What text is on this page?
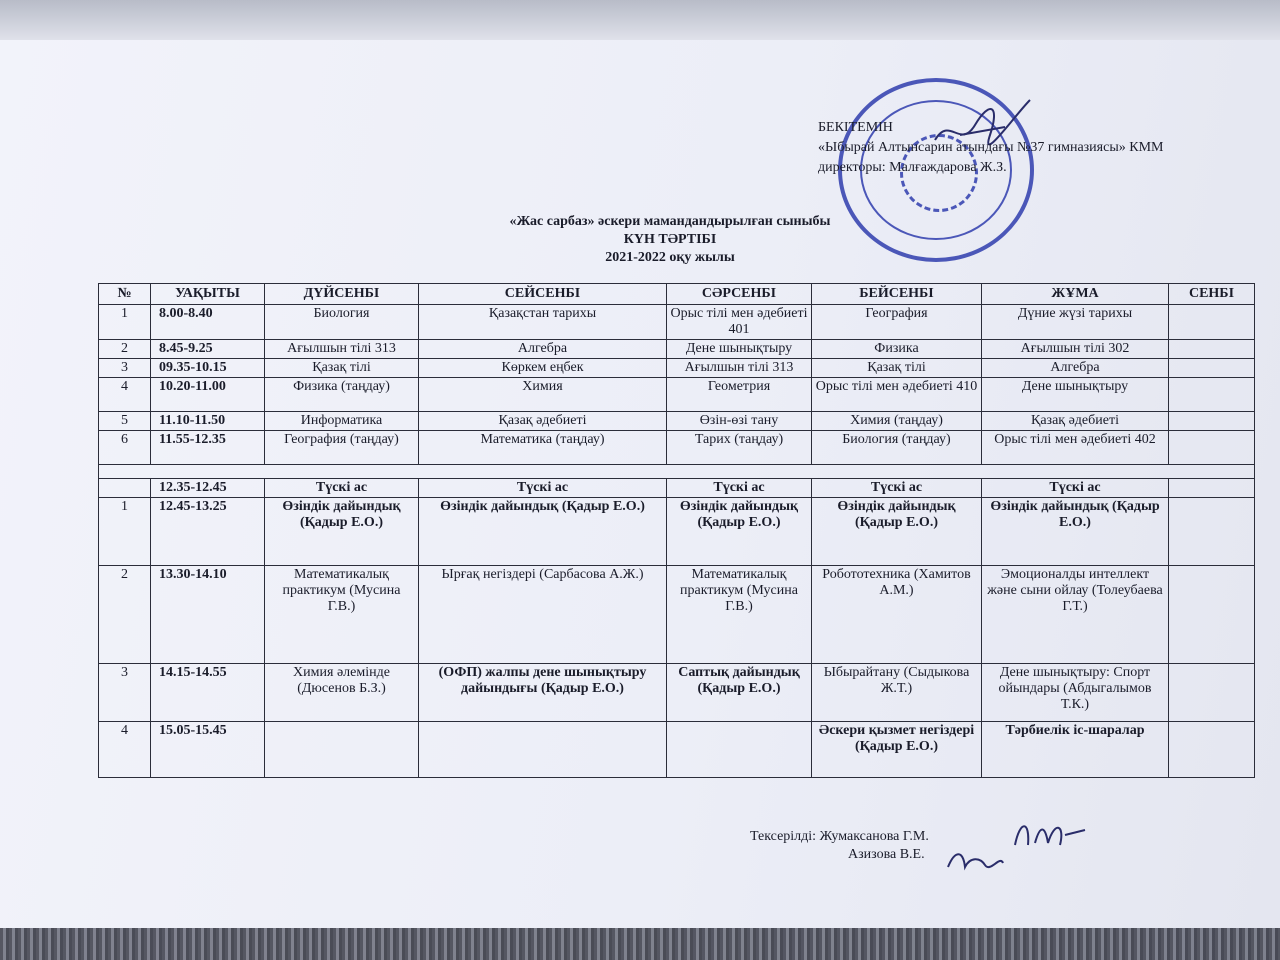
БЕКІТЕМІН
«Ыбырай Алтынсарин атындағы №37 гимназиясы» КММ
директоры: Малғаждарова Ж.З.
«Жас сарбаз» әскери мамандандырылған сыныбы
КҮН ТӘРТІБІ
2021-2022 оқу жылы
№	УАҚЫТЫ	ДҮЙСЕНБІ	СЕЙСЕНБІ	СӘРСЕНБІ	БЕЙСЕНБІ	ЖҰМА	СЕНБІ
1	8.00-8.40	Биология	Қазақстан тарихы	Орыс тілі мен әдебиеті 401	География	Дүние жүзі тарихы	
2	8.45-9.25	Ағылшын тілі 313	Алгебра	Дене шынықтыру	Физика	Ағылшын тілі 302	
3	09.35-10.15	Қазақ тілі	Көркем еңбек	Ағылшын тілі 313	Қазақ тілі	Алгебра	
4	10.20-11.00	Физика (таңдау)	Химия	Геометрия	Орыс тілі мен әдебиеті 410	Дене шынықтыру	
5	11.10-11.50	Информатика	Қазақ әдебиеті	Өзін-өзі тану	Химия (таңдау)	Қазақ әдебиеті	
6	11.55-12.35	География (таңдау)	Математика (таңдау)	Тарих (таңдау)	Биология (таңдау)	Орыс тілі мен әдебиеті 402	

	12.35-12.45	Түскі ас	Түскі ас	Түскі ас	Түскі ас	Түскі ас	
1	12.45-13.25	Өзіндік дайындық (Қадыр Е.О.)	Өзіндік дайындық (Қадыр Е.О.)	Өзіндік дайындық (Қадыр Е.О.)	Өзіндік дайындық (Қадыр Е.О.)	Өзіндік дайындық (Қадыр Е.О.)	
2	13.30-14.10	Математикалық практикум (Мусина Г.В.)	Ырғақ негіздері (Сарбасова А.Ж.)	Математикалық практикум (Мусина Г.В.)	Робототехника (Хамитов А.М.)	Эмоционалды интеллект және сыни ойлау (Толеубаева Г.Т.)	
3	14.15-14.55	Химия әлемінде (Дюсенов Б.З.)	(ОФП) жалпы дене шынықтыру дайындығы (Қадыр Е.О.)	Саптық дайындық (Қадыр Е.О.)	Ыбырайтану (Сыдыкова Ж.Т.)	Дене шынықтыру: Спорт ойындары (Абдыгалымов Т.К.)	
4	15.05-15.45				Әскери қызмет негіздері (Қадыр Е.О.)	Тәрбиелік іс-шаралар	
Тексерілді: Жумаксанова Г.М.
Азизова В.Е.
